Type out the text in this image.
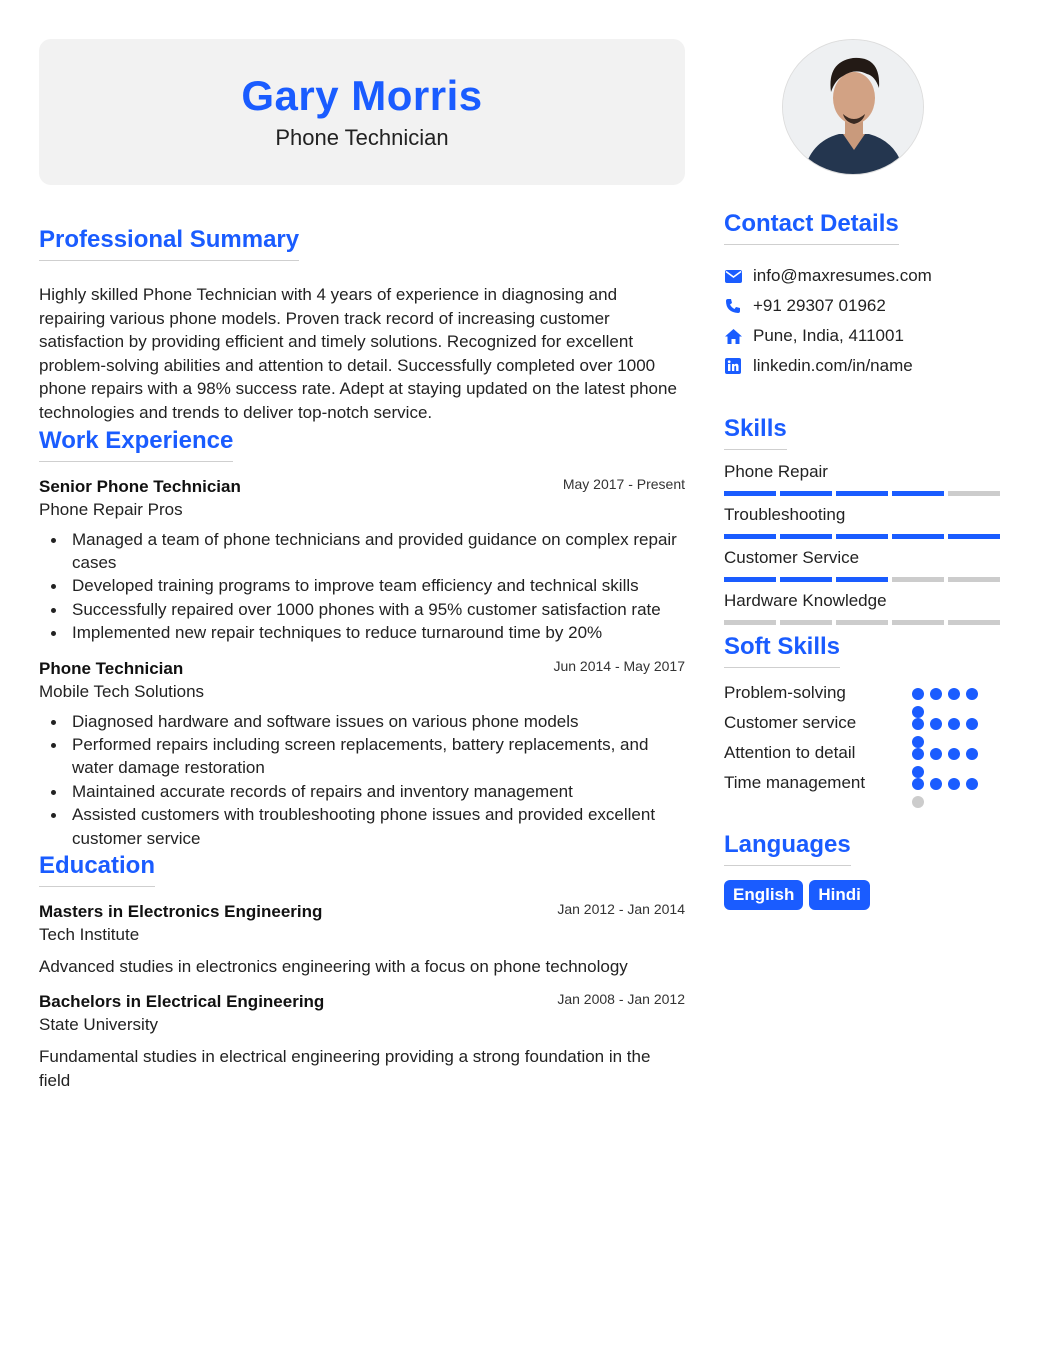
Gary Morris
Phone Technician
Professional Summary

Highly skilled Phone Technician with 4 years of experience in diagnosing and repairing various phone models. Proven track record of increasing customer satisfaction by providing efficient and timely solutions. Recognized for excellent problem-solving abilities and attention to detail. Successfully completed over 1000 phone repairs with a 98% success rate. Adept at staying updated on the latest phone technologies and trends to deliver top-notch service.

Work Experience
Senior Phone Technician	May 2017 - Present
Phone Repair Pros
Managed a team of phone technicians and provided guidance on complex repair cases
Developed training programs to improve team efficiency and technical skills
Successfully repaired over 1000 phones with a 95% customer satisfaction rate
Implemented new repair techniques to reduce turnaround time by 20%
Phone Technician	Jun 2014 - May 2017
Mobile Tech Solutions
Diagnosed hardware and software issues on various phone models
Performed repairs including screen replacements, battery replacements, and water damage restoration
Maintained accurate records of repairs and inventory management
Assisted customers with troubleshooting phone issues and provided excellent customer service
Education
Masters in Electronics Engineering	Jan 2012 - Jan 2014
Tech Institute

Advanced studies in electronics engineering with a focus on phone technology

Bachelors in Electrical Engineering	Jan 2008 - Jan 2012
State University

Fundamental studies in electrical engineering providing a strong foundation in the field

Contact Details
info@maxresumes.com
+91 29307 01962
Pune, India, 411001
linkedin.com/in/name
Skills
Phone Repair
Troubleshooting
Customer Service
Hardware Knowledge
Soft Skills
Problem-solving
Customer service
Attention to detail
Time management
Languages
English	Hindi
